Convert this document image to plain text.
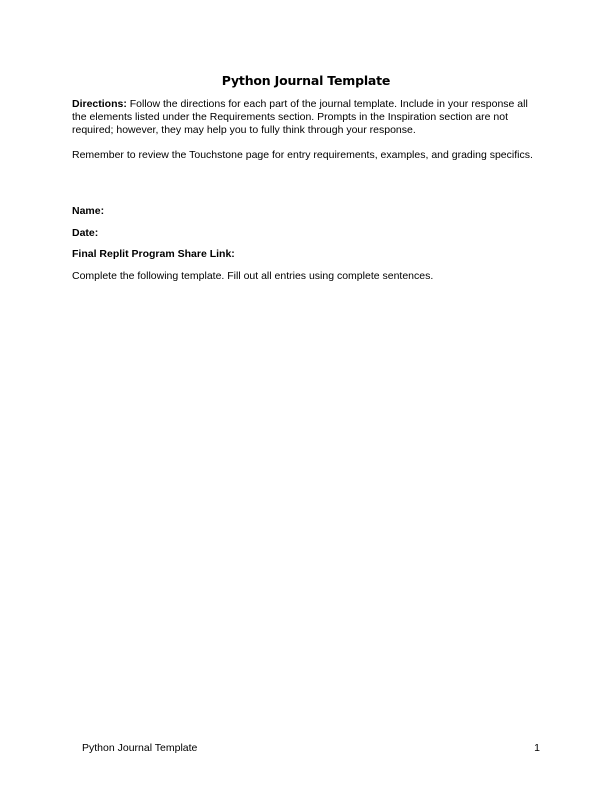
Python Journal Template
Directions: Follow the directions for each part of the journal template. Include in your response all the elements listed under the Requirements section. Prompts in the Inspiration section are not required; however, they may help you to fully think through your response.
Remember to review the Touchstone page for entry requirements, examples, and grading specifics.
Name:
Date:
Final Replit Program Share Link:
Complete the following template. Fill out all entries using complete sentences.
Python Journal Template	1
